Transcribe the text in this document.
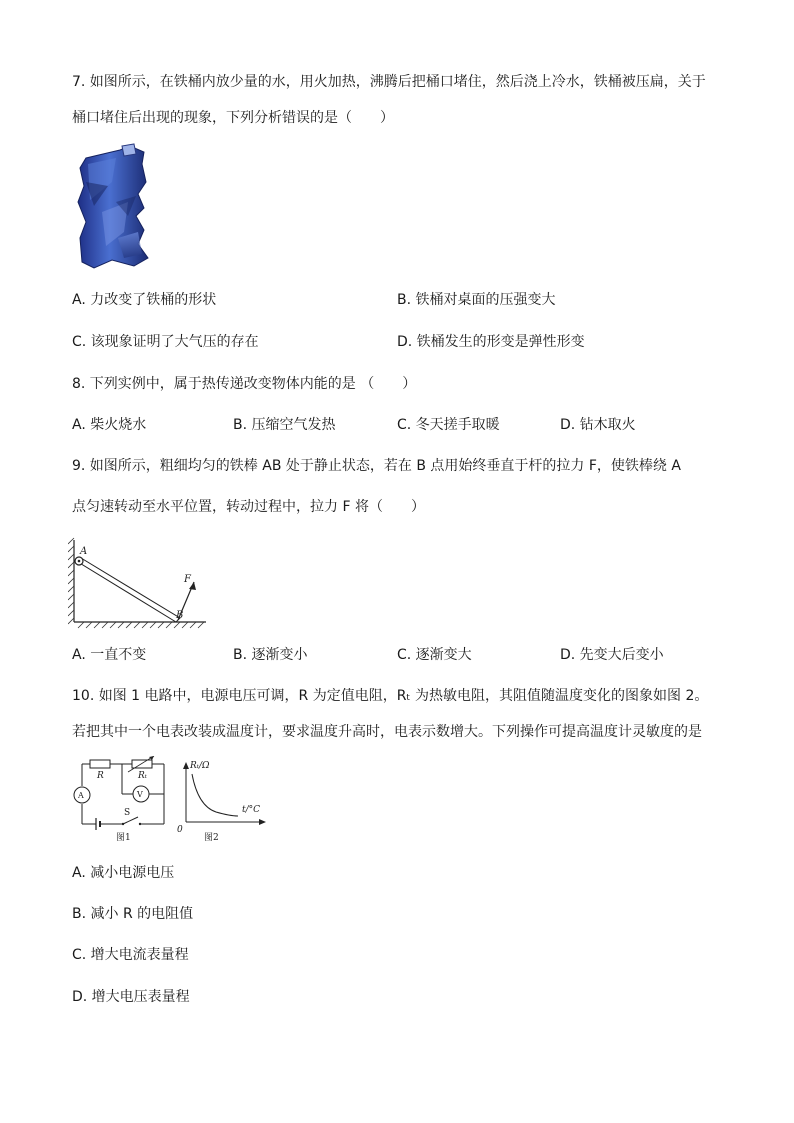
7. 如图所示，在铁桶内放少量的水，用火加热，沸腾后把桶口堵住，然后浇上冷水，铁桶被压扁，关于
桶口堵住后出现的现象，下列分析错误的是（　　）
A. 力改变了铁桶的形状	B. 铁桶对桌面的压强变大
C. 该现象证明了大气压的存在	D. 铁桶发生的形变是弹性形变
8. 下列实例中，属于热传递改变物体内能的是 （　　）
A. 柴火烧水	B. 压缩空气发热	C. 冬天搓手取暖	D. 钻木取火
9. 如图所示，粗细均匀的铁棒 AB 处于静止状态，若在 B 点用始终垂直于杆的拉力 F，使铁棒绕 A
点匀速转动至水平位置，转动过程中，拉力 F 将（　　）
A
B
F
A. 一直不变	B. 逐渐变小	C. 逐渐变大	D. 先变大后变小
10. 如图 1 电路中，电源电压可调，R 为定值电阻，Rₜ 为热敏电阻，其阻值随温度变化的图象如图 2。
若把其中一个电表改装成温度计，要求温度升高时，电表示数增大。下列操作可提高温度计灵敏度的是
R	Rₜ
A	V
S
图1
Rₜ/Ω
t/°C
0
图2
A. 减小电源电压
B. 减小 R 的电阻值
C. 增大电流表量程
D. 增大电压表量程
